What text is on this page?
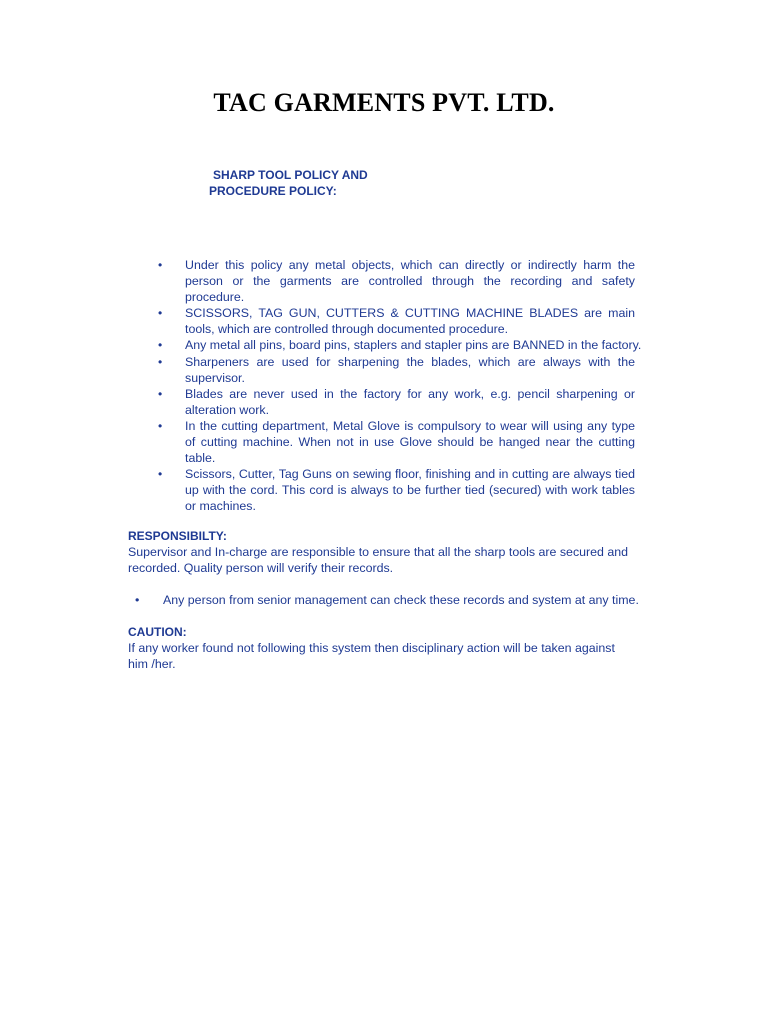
TAC GARMENTS PVT. LTD.
SHARP TOOL POLICY AND
PROCEDURE POLICY:
• Under this policy any metal objects, which can directly or indirectly harm the person or the garments are controlled through the recording and safety procedure.
• SCISSORS, TAG GUN, CUTTERS & CUTTING MACHINE BLADES are main tools, which are controlled through documented procedure.
• Any metal all pins, board pins, staplers and stapler pins are BANNED in the factory.
• Sharpeners are used for sharpening the blades, which are always with the supervisor.
• Blades are never used in the factory for any work, e.g. pencil sharpening or alteration work.
• In the cutting department, Metal Glove is compulsory to wear will using any type of cutting machine. When not in use Glove should be hanged near the cutting table.
• Scissors, Cutter, Tag Guns on sewing floor, finishing and in cutting are always tied up with the cord. This cord is always to be further tied (secured) with work tables or machines.
RESPONSIBILTY:
Supervisor and In-charge are responsible to ensure that all the sharp tools are secured and recorded. Quality person will verify their records.
• Any person from senior management can check these records and system at any time.
CAUTION:
If any worker found not following this system then disciplinary action will be taken against him /her.
